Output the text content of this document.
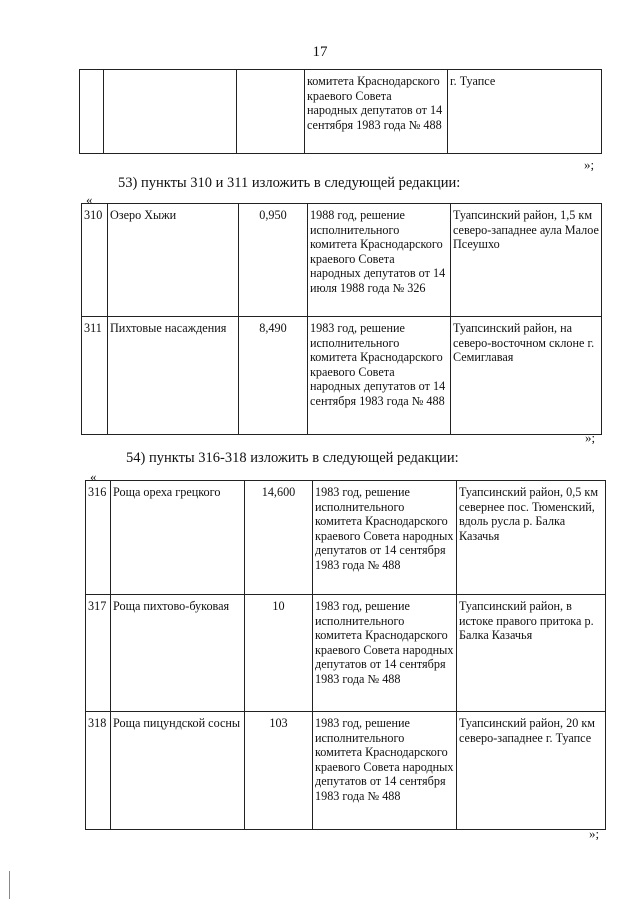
17
			комитета Краснодарского краевого Совета народных депутатов от 14 сентября 1983 года № 488	г. Туапсе
»;
53) пункты 310 и 311 изложить в следующей редакции:
«
310	Озеро Хыжи	0,950	1988 год, решение исполнительного комитета Краснодарского краевого Совета народных депутатов от 14 июля 1988 года № 326	Туапсинский район, 1,5 км северо-западнее аула Малое Псеушхо
311	Пихтовые насаждения	8,490	1983 год, решение исполнительного комитета Краснодарского краевого Совета народных депутатов от 14 сентября 1983 года № 488	Туапсинский район, на северо-восточном склоне г. Семиглавая
»;
54) пункты 316-318 изложить в следующей редакции:
«
316	Роща ореха грецкого	14,600	1983 год, решение исполнительного комитета Краснодарского краевого Совета народных депутатов от 14 сентября 1983 года № 488	Туапсинский район, 0,5 км севернее пос. Тюменский, вдоль русла р. Балка Казачья
317	Роща пихтово-буковая	10	1983 год, решение исполнительного комитета Краснодарского краевого Совета народных депутатов от 14 сентября 1983 года № 488	Туапсинский район, в истоке правого притока р. Балка Казачья
318	Роща пицундской сосны	103	1983 год, решение исполнительного комитета Краснодарского краевого Совета народных депутатов от 14 сентября 1983 года № 488	Туапсинский район, 20 км северо-западнее г. Туапсе
»;
